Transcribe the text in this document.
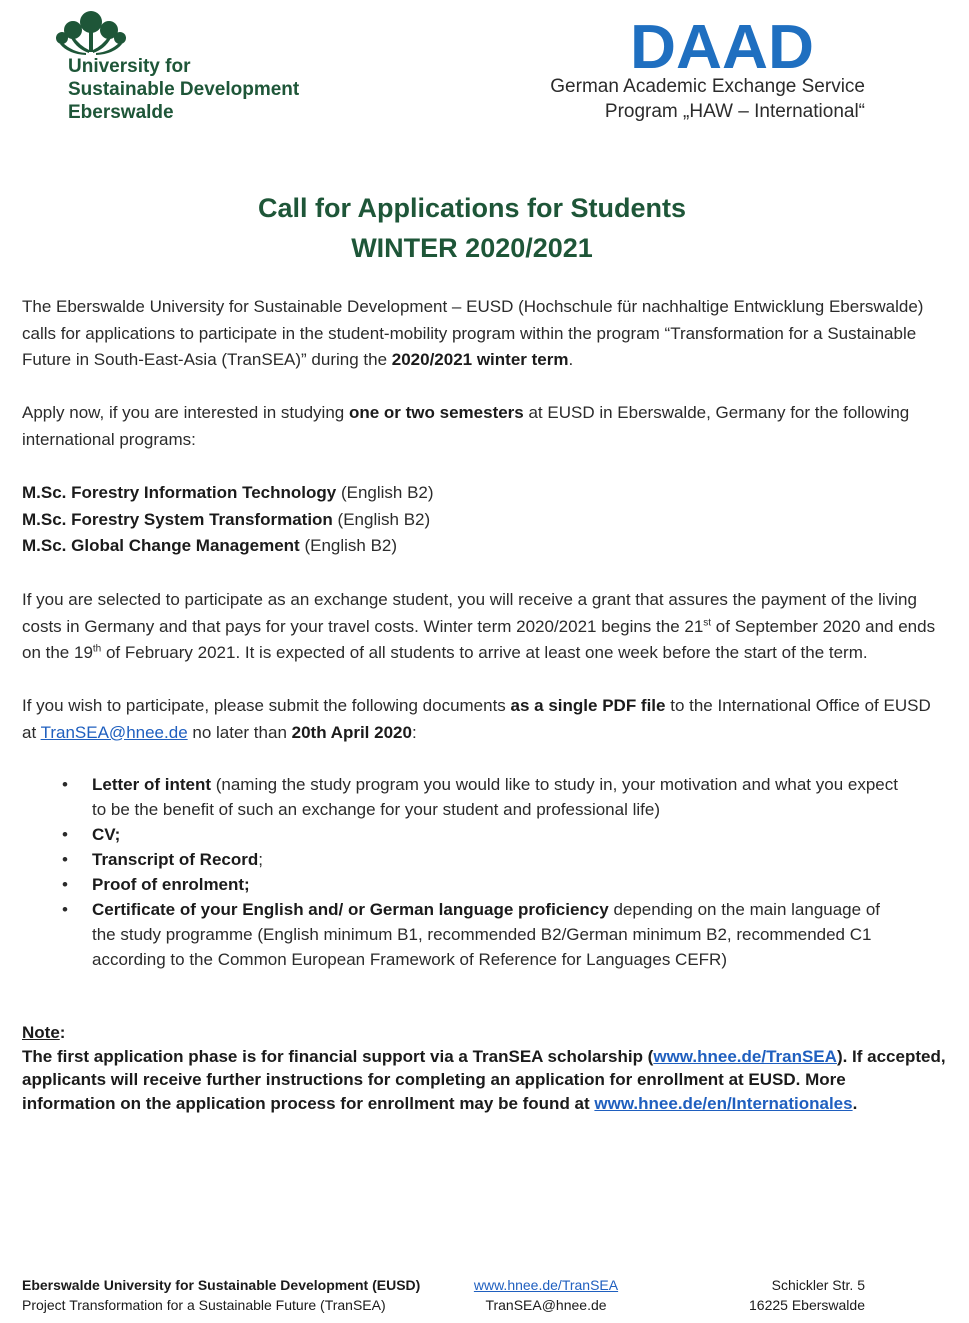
University for
Sustainable Development
Eberswalde
DAAD
German Academic Exchange Service
Program „HAW – International“
Call for Applications for Students
WINTER 2020/2021
The Eberswalde University for Sustainable Development – EUSD (Hochschule für nachhaltige Entwicklung Eberswalde)
calls for applications to participate in the student-mobility program within the program “Transformation for a Sustainable
Future in South-East-Asia (TranSEA)” during the 2020/2021 winter term.
Apply now, if you are interested in studying one or two semesters at EUSD in Eberswalde, Germany for the following
international programs:
M.Sc. Forestry Information Technology (English B2)
M.Sc. Forestry System Transformation (English B2)
M.Sc. Global Change Management (English B2)
If you are selected to participate as an exchange student, you will receive a grant that assures the payment of the living
costs in Germany and that pays for your travel costs. Winter term 2020/2021 begins the 21st of September 2020 and ends
on the 19th of February 2021. It is expected of all students to arrive at least one week before the start of the term.
If you wish to participate, please submit the following documents as a single PDF file to the International Office of EUSD
at TranSEA@hnee.de no later than 20th April 2020:
• Letter of intent (naming the study program you would like to study in, your motivation and what you expect to be the benefit of such an exchange for your student and professional life)
• CV;
• Transcript of Record;
• Proof of enrolment;
• Certificate of your English and/ or German language proficiency depending on the main language of the study programme (English minimum B1, recommended B2/German minimum B2, recommended C1 according to the Common European Framework of Reference for Languages CEFR)
Note:
The first application phase is for financial support via a TranSEA scholarship (www.hnee.de/TranSEA). If accepted,
applicants will receive further instructions for completing an application for enrollment at EUSD. More
information on the application process for enrollment may be found at www.hnee.de/en/Internationales.
Eberswalde University for Sustainable Development (EUSD)
Project Transformation for a Sustainable Future (TranSEA)
www.hnee.de/TranSEA
TranSEA@hnee.de
Schickler Str. 5
16225 Eberswalde
